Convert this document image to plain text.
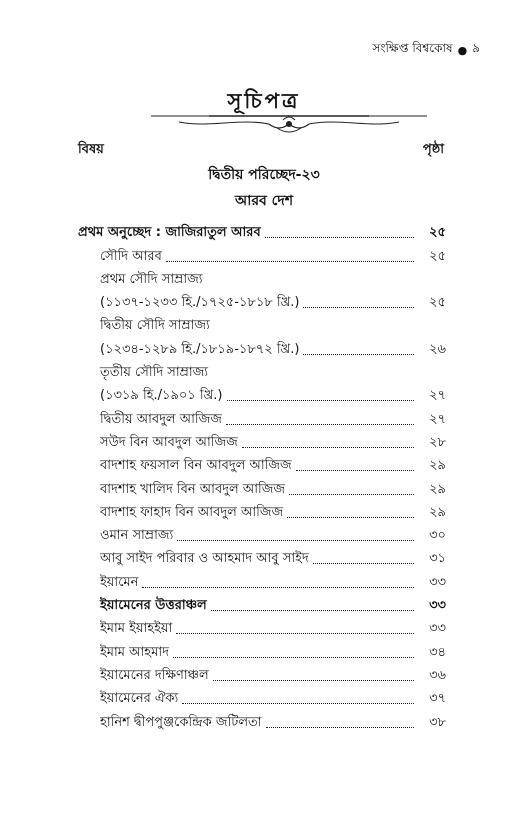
সংক্ষিপ্ত বিশ্বকোষ ● ৯
সূচিপত্র
বিষয়	পৃষ্ঠা
দ্বিতীয় পরিচ্ছেদ-২৩
আরব দেশ
প্রথম অনুচ্ছেদ : জাজিরাতুল আরব	২৫
সৌদি আরব	২৫
প্রথম সৌদি সাম্রাজ্য
(১১৩৭-১২৩৩ হি./১৭২৫-১৮১৮ খ্রি.)	২৫
দ্বিতীয় সৌদি সাম্রাজ্য
(১২৩৪-১২৮৯ হি./১৮১৯-১৮৭২ খ্রি.)	২৬
তৃতীয় সৌদি সাম্রাজ্য
(১৩১৯ হি./১৯০১ খ্রি.)	২৭
দ্বিতীয় আবদুল আজিজ	২৭
সউদ বিন আবদুল আজিজ	২৮
বাদশাহ ফয়সাল বিন আবদুল আজিজ	২৯
বাদশাহ খালিদ বিন আবদুল আজিজ	২৯
বাদশাহ ফাহাদ বিন আবদুল আজিজ	২৯
ওমান সাম্রাজ্য	৩০
আবু সাইদ পরিবার ও আহমাদ আবু সাইদ	৩১
ইয়ামেন	৩৩
ইয়ামেনের উত্তরাঞ্চল	৩৩
ইমাম ইয়াহইয়া	৩৩
ইমাম আহমাদ	৩৪
ইয়ামেনের দক্ষিণাঞ্চল	৩৬
ইয়ামেনের ঐক্য	৩৭
হানিশ দ্বীপপুঞ্জকেন্দ্রিক জটিলতা	৩৮
